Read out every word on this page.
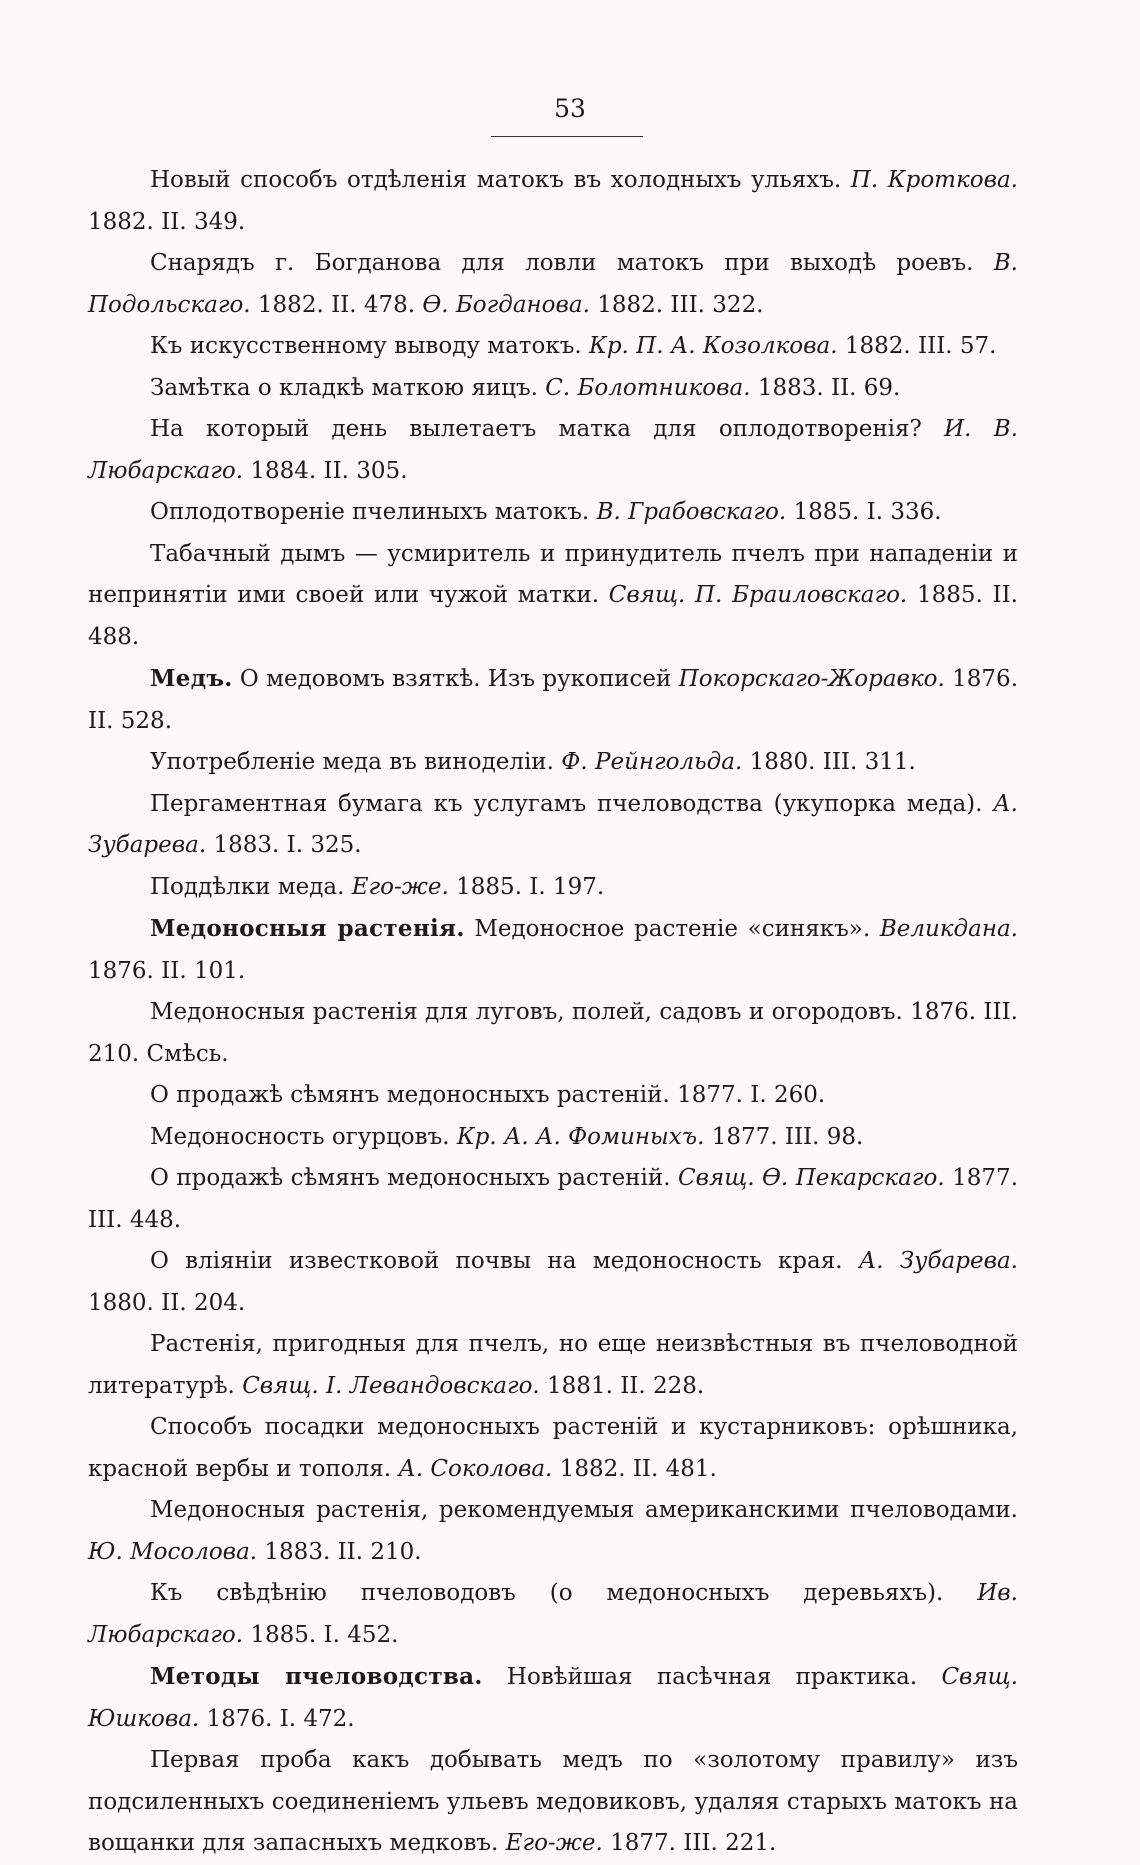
53

Новый способъ отдѣленія матокъ въ холодныхъ ульяхъ. П. Кроткова. 1882. II. 349.

Снарядъ г. Богданова для ловли матокъ при выходѣ роевъ. В. Подольскаго. 1882. II. 478. Ѳ. Богданова. 1882. III. 322.

Къ искусственному выводу матокъ. Кр. П. А. Козолкова. 1882. III. 57.

Замѣтка о кладкѣ маткою яицъ. С. Болотникова. 1883. II. 69.

На который день вылетаетъ матка для оплодотворенія? И. В. Любарскаго. 1884. II. 305.

Оплодотвореніе пчелиныхъ матокъ. В. Грабовскаго. 1885. I. 336.

Табачный дымъ — усмиритель и принудитель пчелъ при нападеніи и непринятіи ими своей или чужой матки. Свящ. П. Браиловскаго. 1885. II. 488.

Медъ. О медовомъ взяткѣ. Изъ рукописей Покорскаго-Жоравко. 1876. II. 528.

Употребленіе меда въ виноделіи. Ф. Рейнгольда. 1880. III. 311.

Пергаментная бумага къ услугамъ пчеловодства (укупорка меда). А. Зубарева. 1883. I. 325.

Поддѣлки меда. Его-же. 1885. I. 197.

Медоносныя растенія. Медоносное растеніе «синякъ». Великдана. 1876. II. 101.

Медоносныя растенія для луговъ, полей, садовъ и огородовъ. 1876. III. 210. Смѣсь.

О продажѣ сѣмянъ медоносныхъ растеній. 1877. I. 260.

Медоносность огурцовъ. Кр. А. А. Фоминыхъ. 1877. III. 98.

О продажѣ сѣмянъ медоносныхъ растеній. Свящ. Ѳ. Пекарскаго. 1877. III. 448.

О вліяніи известковой почвы на медоносность края. А. Зубарева. 1880. II. 204.

Растенія, пригодныя для пчелъ, но еще неизвѣстныя въ пчеловодной литературѣ. Свящ. І. Левандовскаго. 1881. II. 228.

Способъ посадки медоносныхъ растеній и кустарниковъ: орѣшника, красной вербы и тополя. А. Соколова. 1882. II. 481.

Медоносныя растенія, рекомендуемыя американскими пчеловодами. Ю. Мосолова. 1883. II. 210.

Къ свѣдѣнію пчеловодовъ (о медоносныхъ деревьяхъ). Ив. Любарскаго. 1885. I. 452.

Методы пчеловодства. Новѣйшая пасѣчная практика. Свящ. Юшкова. 1876. I. 472.

Первая проба какъ добывать медъ по «золотому правилу» изъ подсиленныхъ соединеніемъ ульевъ медовиковъ, удаляя старыхъ матокъ на вощанки для запасныхъ медковъ. Его-же. 1877. III. 221.
